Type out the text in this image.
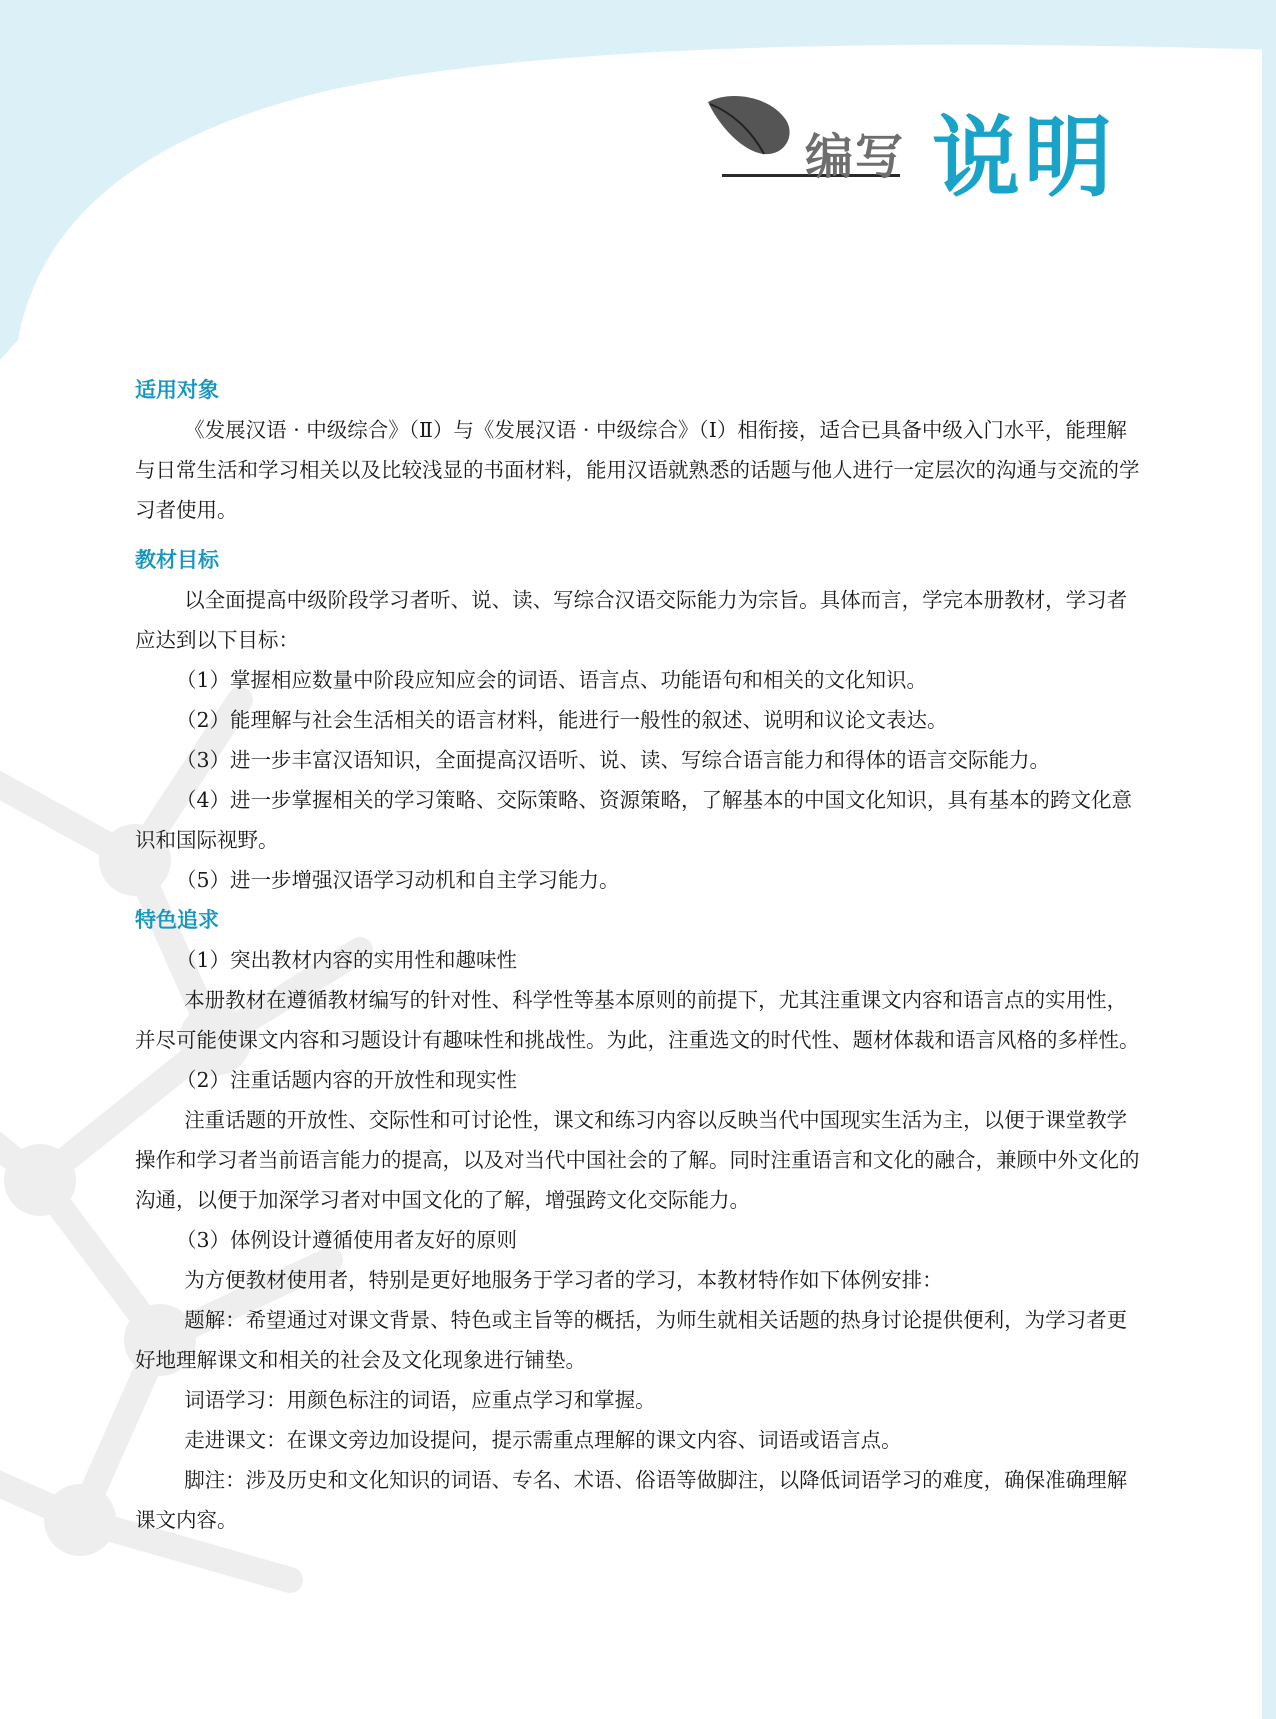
编写 说明
适用对象

《发展汉语 · 中级综合》（Ⅱ）与《发展汉语 · 中级综合》（Ⅰ）相衔接，适合已具备中级入门水平，能理解与日常生活和学习相关以及比较浅显的书面材料，能用汉语就熟悉的话题与他人进行一定层次的沟通与交流的学习者使用。

教材目标

以全面提高中级阶段学习者听、说、读、写综合汉语交际能力为宗旨。具体而言，学完本册教材，学习者应达到以下目标：

（1）掌握相应数量中阶段应知应会的词语、语言点、功能语句和相关的文化知识。

（2）能理解与社会生活相关的语言材料，能进行一般性的叙述、说明和议论文表达。

（3）进一步丰富汉语知识，全面提高汉语听、说、读、写综合语言能力和得体的语言交际能力。

（4）进一步掌握相关的学习策略、交际策略、资源策略，了解基本的中国文化知识，具有基本的跨文化意识和国际视野。

（5）进一步增强汉语学习动机和自主学习能力。

特色追求

（1）突出教材内容的实用性和趣味性

本册教材在遵循教材编写的针对性、科学性等基本原则的前提下，尤其注重课文内容和语言点的实用性，并尽可能使课文内容和习题设计有趣味性和挑战性。为此，注重选文的时代性、题材体裁和语言风格的多样性。

（2）注重话题内容的开放性和现实性

注重话题的开放性、交际性和可讨论性，课文和练习内容以反映当代中国现实生活为主，以便于课堂教学操作和学习者当前语言能力的提高，以及对当代中国社会的了解。同时注重语言和文化的融合，兼顾中外文化的沟通，以便于加深学习者对中国文化的了解，增强跨文化交际能力。

（3）体例设计遵循使用者友好的原则

为方便教材使用者，特别是更好地服务于学习者的学习，本教材特作如下体例安排：

题解：希望通过对课文背景、特色或主旨等的概括，为师生就相关话题的热身讨论提供便利，为学习者更好地理解课文和相关的社会及文化现象进行铺垫。

词语学习：用颜色标注的词语，应重点学习和掌握。

走进课文：在课文旁边加设提问，提示需重点理解的课文内容、词语或语言点。

脚注：涉及历史和文化知识的词语、专名、术语、俗语等做脚注，以降低词语学习的难度，确保准确理解课文内容。
